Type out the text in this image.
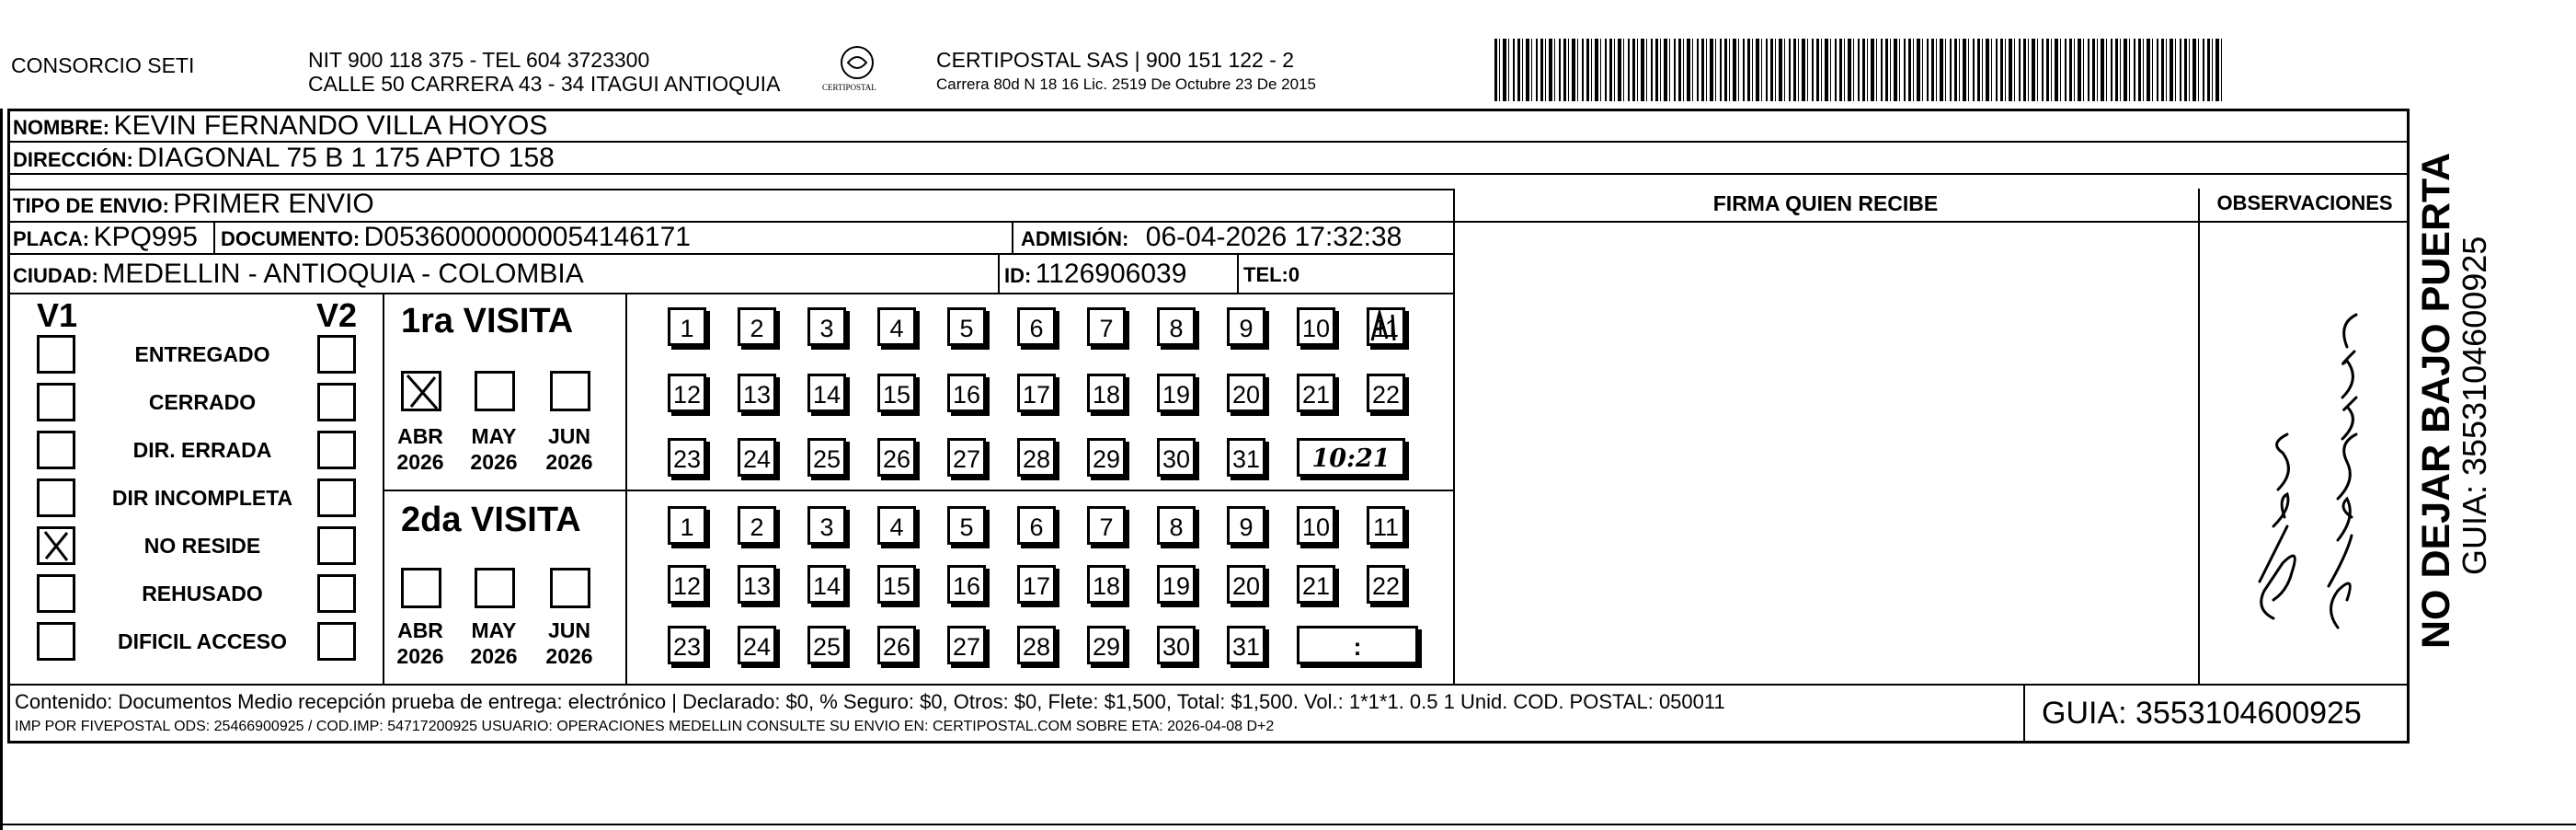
CONSORCIO SETI	NIT 900 118 375 - TEL 604 3723300
CALLE 50 CARRERA 43 - 34 ITAGUI ANTIOQUIA	CERTIPOSTAL
CERTIPOSTAL SAS | 900 151 122 - 2
Carrera 80d N 18 16 Lic. 2519 De Octubre 23 De 2015
NOMBRE: KEVIN FERNANDO VILLA HOYOS
DIRECCIÓN: DIAGONAL 75 B 1 175 APTO 158
TIPO DE ENVIO: PRIMER ENVIO
PLACA: KPQ995 DOCUMENTO: D05360000000054146171	ADMISIÓN: 06-04-2026 17:32:38
CIUDAD: MEDELLIN - ANTIOQUIA - COLOMBIA	ID: 1126906039	TEL:0
FIRMA QUIEN RECIBE	OBSERVACIONES
V1	V2
ENTREGADO
CERRADO
DIR. ERRADA
DIR INCOMPLETA
NO RESIDE
REHUSADO
DIFICIL ACCESO
1ra VISITA
ABR
2026
MAY
2026
JUN
2026
1	2	3	4	5	6	7	8	9	10 11
12 13 14 15 16 17 18 19 20 21 22
23 24 25 26 27 28 29 30 31	10:21
2da VISITA
ABR
2026
MAY
2026
JUN
2026
1	2	3	4	5	6	7	8	9	10 11
12 13 14 15 16 17 18 19 20 21 22
23 24 25 26 27 28 29 30 31	:
Contenido: Documentos Medio recepción prueba de entrega: electrónico | Declarado: $0, % Seguro: $0, Otros: $0, Flete: $1,500, Total: $1,500. Vol.: 1*1*1. 0.5 1 Unid. COD. POSTAL: 050011
IMP POR FIVEPOSTAL ODS: 25466900925 / COD.IMP: 54717200925 USUARIO: OPERACIONES MEDELLIN CONSULTE SU ENVIO EN: CERTIPOSTAL.COM SOBRE ETA: 2026-04-08 D+2	GUIA: 3553104600925
NO DEJAR BAJO PUERTA
GUIA: 3553104600925
